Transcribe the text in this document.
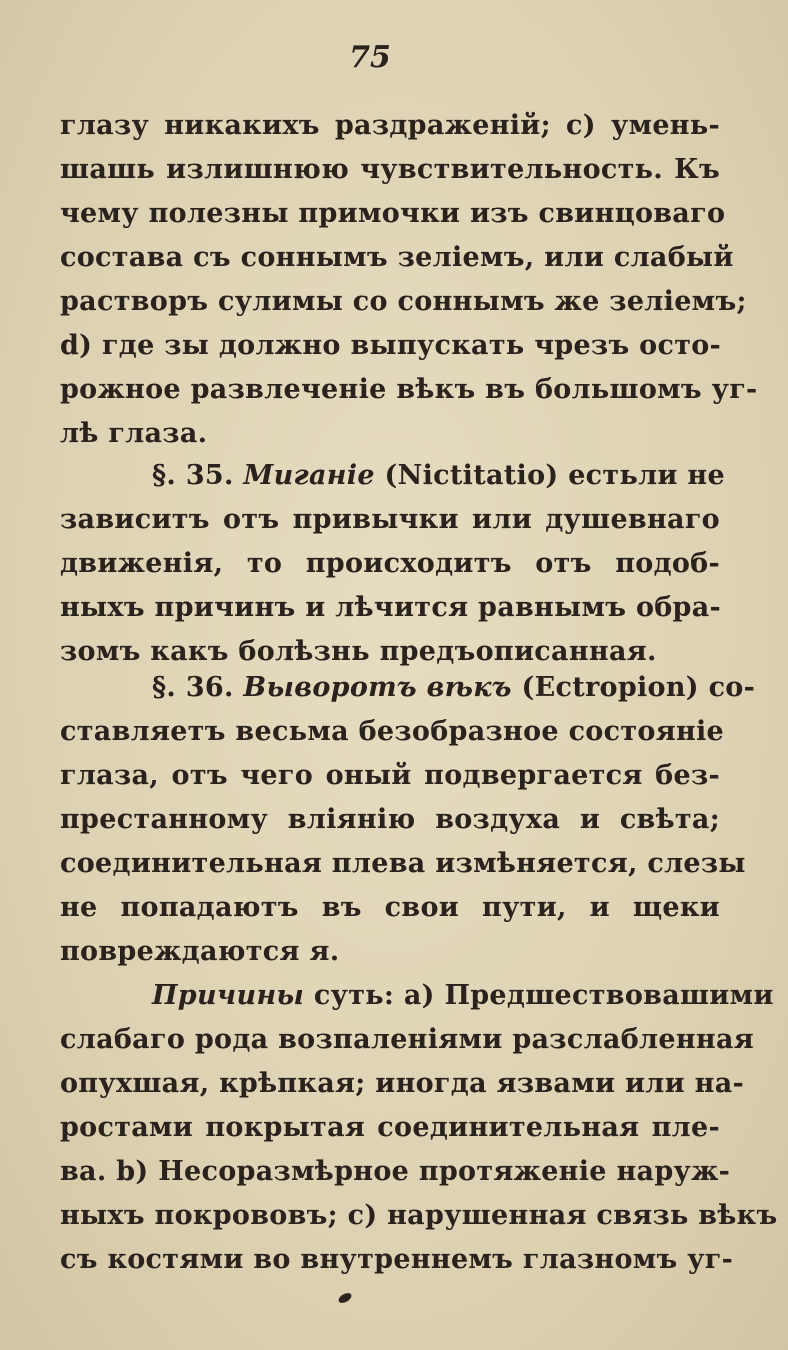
75
глазу никакихъ раздраженій; c) умень-
шашь излишнюю чувствительность. Къ
чему полезны примочки изъ свинцоваго
состава съ соннымъ зеліемъ, или слабый
растворъ сулимы со соннымъ же зеліемъ;
d) где зы должно выпускать чрезъ осто-
рожное развлеченіе вѣкъ въ большомъ уг-
лѣ глаза.
§. 35. Миганіе (Nictitatio) естьли не
зависитъ отъ привычки или душевнаго
движенія, то происходитъ отъ подоб-
ныхъ причинъ и лѣчится равнымъ обра-
зомъ какъ болѣзнь предъописанная.
§. 36. Выворотъ вѣкъ (Ectropion) со-
ставляетъ весьма безобразное состояніе
глаза, отъ чего оный подвергается без-
престанному вліянію воздуха и свѣта;
соединительная плева измѣняется, слезы
не попадаютъ въ свои пути, и щеки
повреждаются я.
Причины суть: a) Предшествовашими
слабаго рода возпаленіями разслабленная
опухшая, крѣпкая; иногда язвами или на-
ростами покрытая соединительная пле-
ва. b) Несоразмѣрное протяженіе наруж-
ныхъ покрововъ; c) нарушенная связь вѣкъ
съ костями во внутреннемъ глазномъ уг-
